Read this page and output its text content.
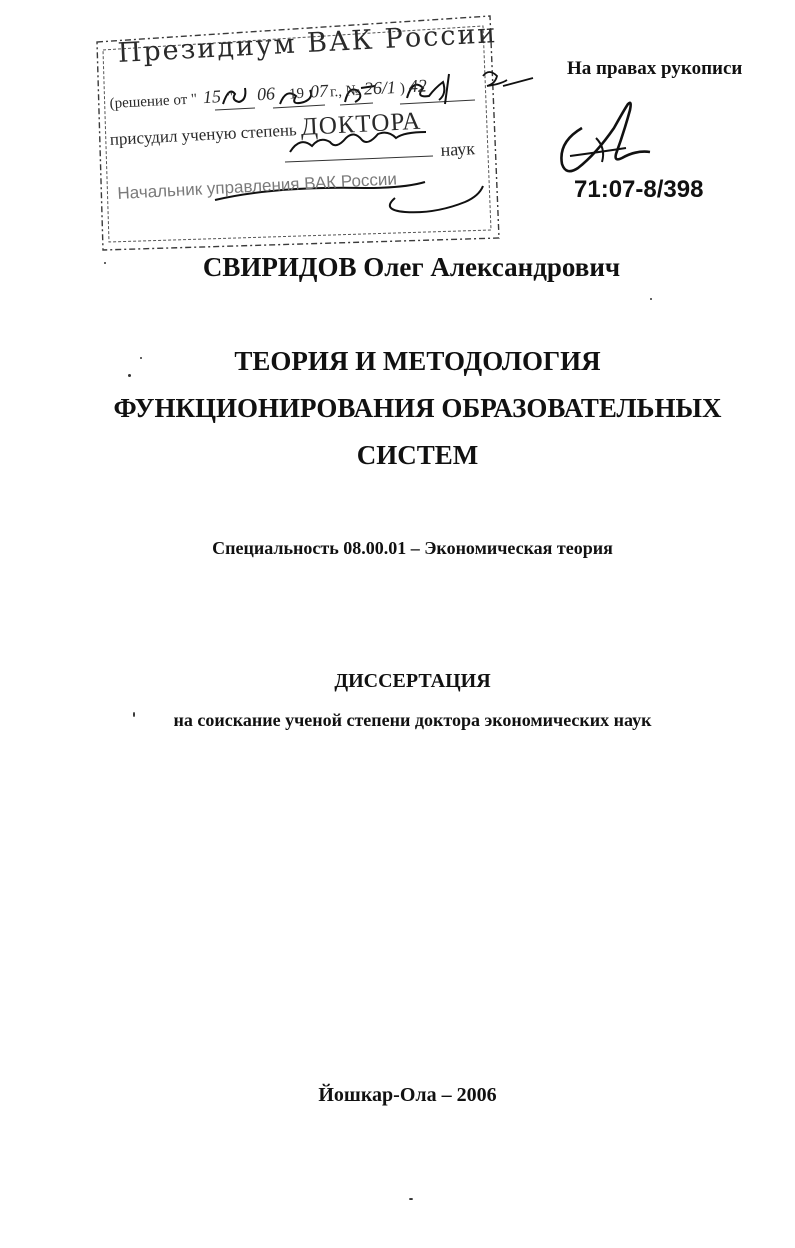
Президиум ВАК России
(решение от " 15 " 06 19 07г., № 26/1 ) 42
присудил ученую степень ДОКТОРА
наук
Начальник управления ВАК России
На правах рукописи
71:07-8/398
СВИРИДОВ Олег Александрович
ТЕОРИЯ И МЕТОДОЛОГИЯ
ФУНКЦИОНИРОВАНИЯ ОБРАЗОВАТЕЛЬНЫХ
СИСТЕМ
Специальность 08.00.01 – Экономическая теория
ДИССЕРТАЦИЯ
на соискание ученой степени доктора экономических наук
Йошкар-Ола – 2006
